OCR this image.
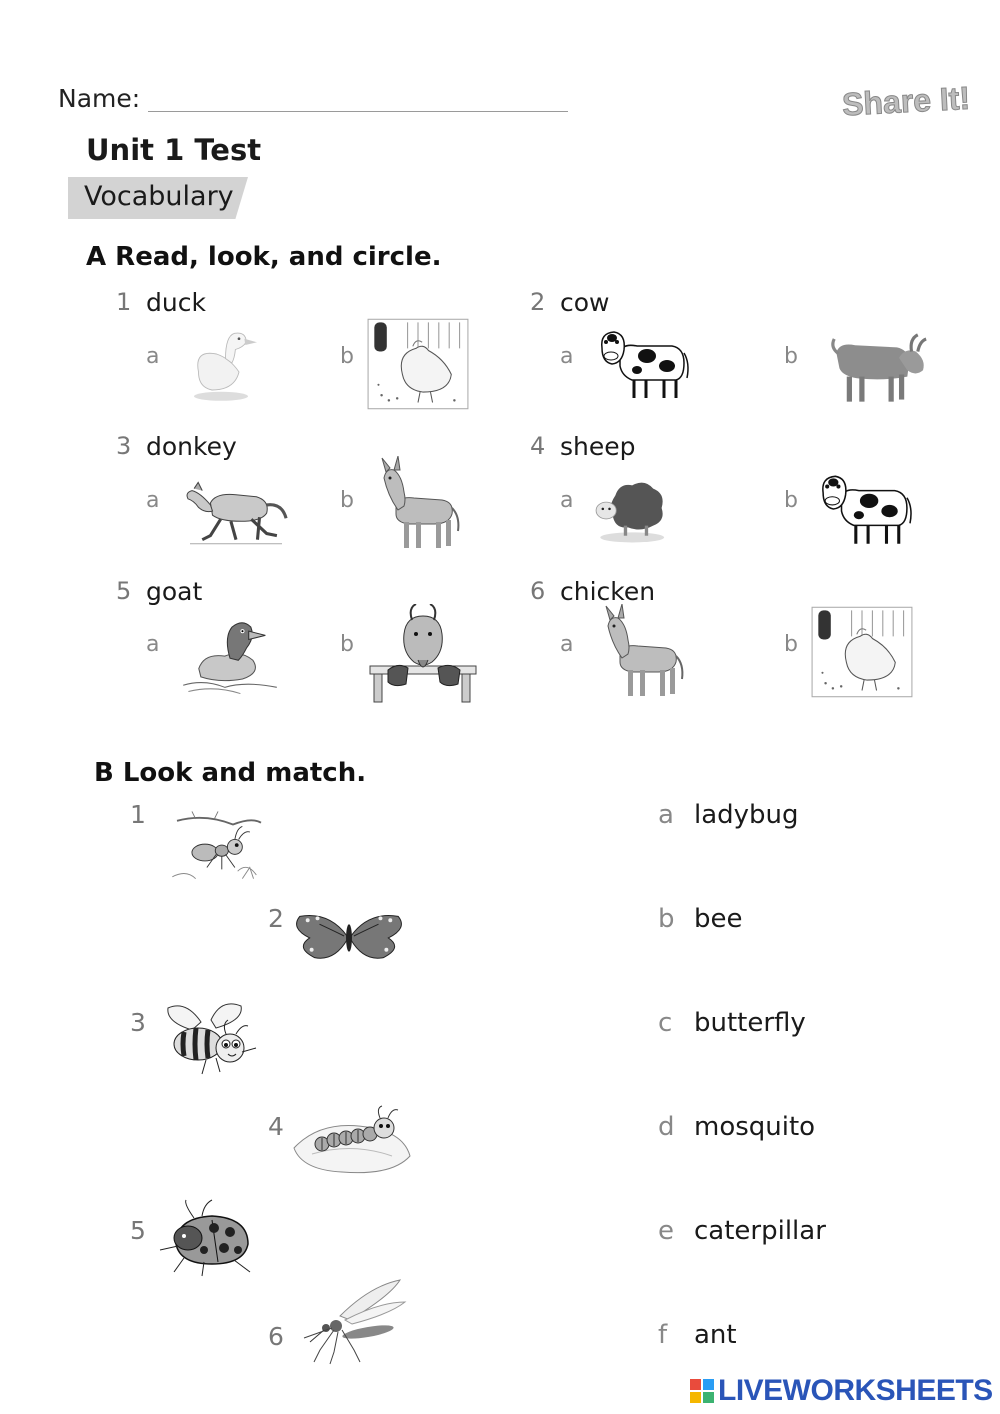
Name:	Share It!
Unit 1 Test
Vocabulary
A Read, look, and circle.
1 duck
a	b
2 cow
a	b
3 donkey
a	b
4 sheep
a	b
5 goat
a	b
6 chicken
a	b
B Look and match.
1
2
3
4
5
6
a ladybug
b bee
c butterfly
d mosquito
e caterpillar
f ant
LIVEWORKSHEETS
